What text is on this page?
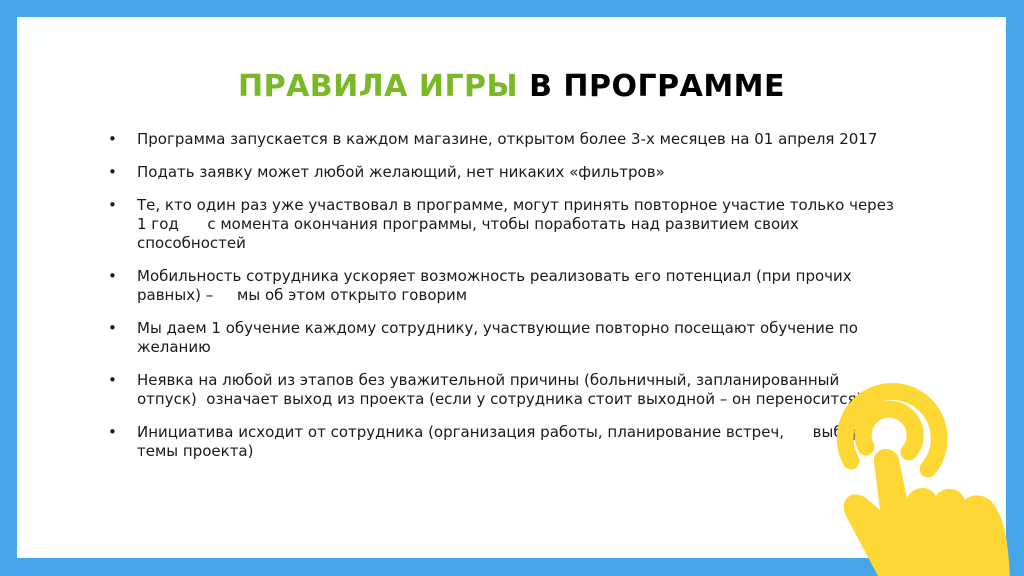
ПРАВИЛА ИГРЫ В ПРОГРАММЕ
• Программа запускается в каждом магазине, открытом более 3-х месяцев на 01 апреля 2017
• Подать заявку может любой желающий, нет никаких «фильтров»
• Те, кто один раз уже участвовал в программе, могут принять повторное участие только через 1 год      с момента окончания программы, чтобы поработать над развитием своих способностей
• Мобильность сотрудника ускоряет возможность реализовать его потенциал (при прочих равных) –     мы об этом открыто говорим
• Мы даем 1 обучение каждому сотруднику, участвующие повторно посещают обучение по желанию
• Неявка на любой из этапов без уважительной причины (больничный, запланированный отпуск)  означает выход из проекта (если у сотрудника стоит выходной – он переносится)
• Инициатива исходит от сотрудника (организация работы, планирование встреч,      выбор темы проекта)
